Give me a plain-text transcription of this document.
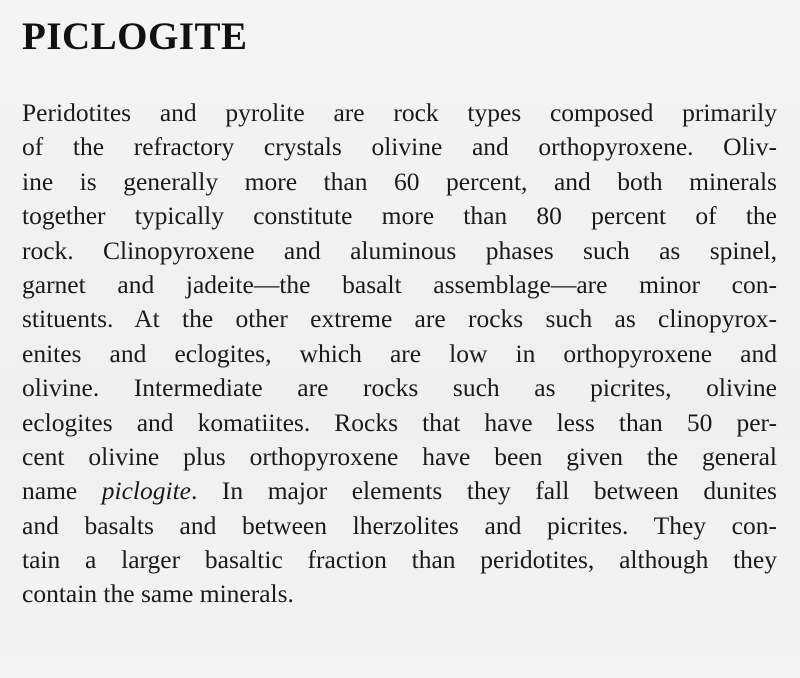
PICLOGITE
Peridotites and pyrolite are rock types composed primarily
of the refractory crystals olivine and orthopyroxene. Oliv-
ine is generally more than 60 percent, and both minerals
together typically constitute more than 80 percent of the
rock. Clinopyroxene and aluminous phases such as spinel,
garnet and jadeite—the basalt assemblage—are minor con-
stituents. At the other extreme are rocks such as clinopyrox-
enites and eclogites, which are low in orthopyroxene and
olivine. Intermediate are rocks such as picrites, olivine
eclogites and komatiites. Rocks that have less than 50 per-
cent olivine plus orthopyroxene have been given the general
name piclogite. In major elements they fall between dunites
and basalts and between lherzolites and picrites. They con-
tain a larger basaltic fraction than peridotites, although they
contain the same minerals.
